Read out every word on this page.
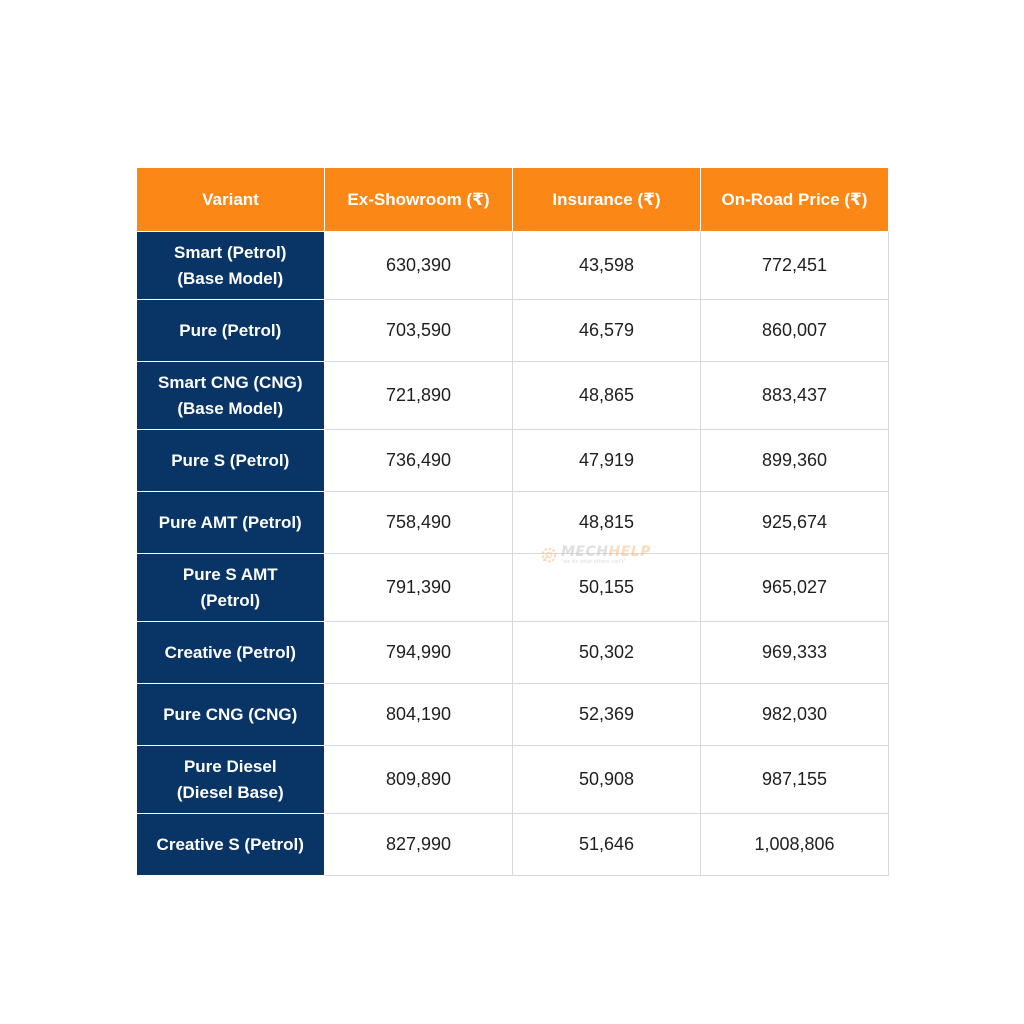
Variant	Ex-Showroom (₹)	Insurance (₹)	On-Road Price (₹)

Smart (Petrol)
(Base Model)	630,390	43,598	772,451

Pure (Petrol)	703,590	46,579	860,007

Smart CNG (CNG)
(Base Model)	721,890	48,865	883,437

Pure S (Petrol)	736,490	47,919	899,360

Pure AMT (Petrol)	758,490	48,815	925,674

Pure S AMT
(Petrol)	791,390	50,155	965,027

Creative (Petrol)	794,990	50,302	969,333

Pure CNG (CNG)	804,190	52,369	982,030

Pure Diesel
(Diesel Base)	809,890	50,908	987,155

Creative S (Petrol)	827,990	51,646	1,008,806
MECHHELP
"we fix what others can't"
